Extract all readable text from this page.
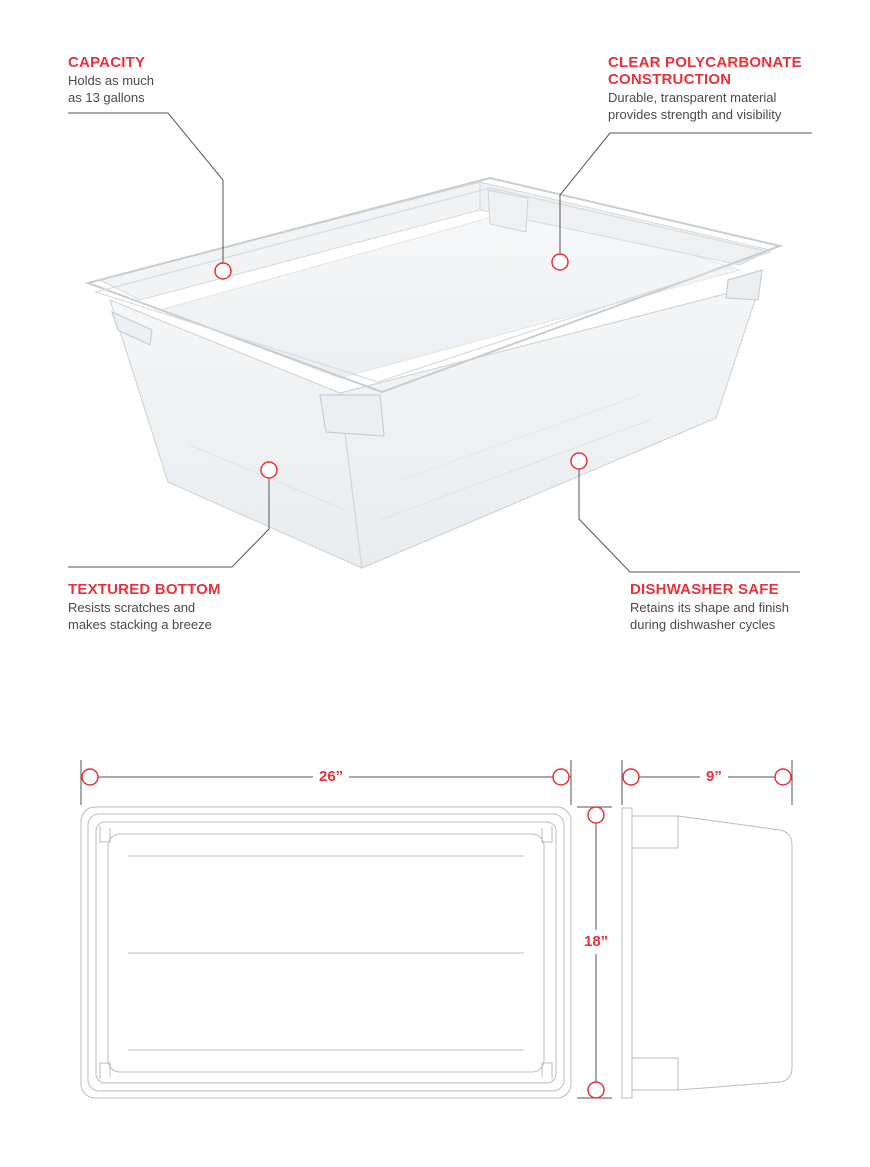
CAPACITY
Holds as much
as 13 gallons
CLEAR POLYCARBONATE
CONSTRUCTION
Durable, transparent material
provides strength and visibility
TEXTURED BOTTOM
Resists scratches and
makes stacking a breeze
DISHWASHER SAFE
Retains its shape and finish
during dishwasher cycles
26”	9”
18”
